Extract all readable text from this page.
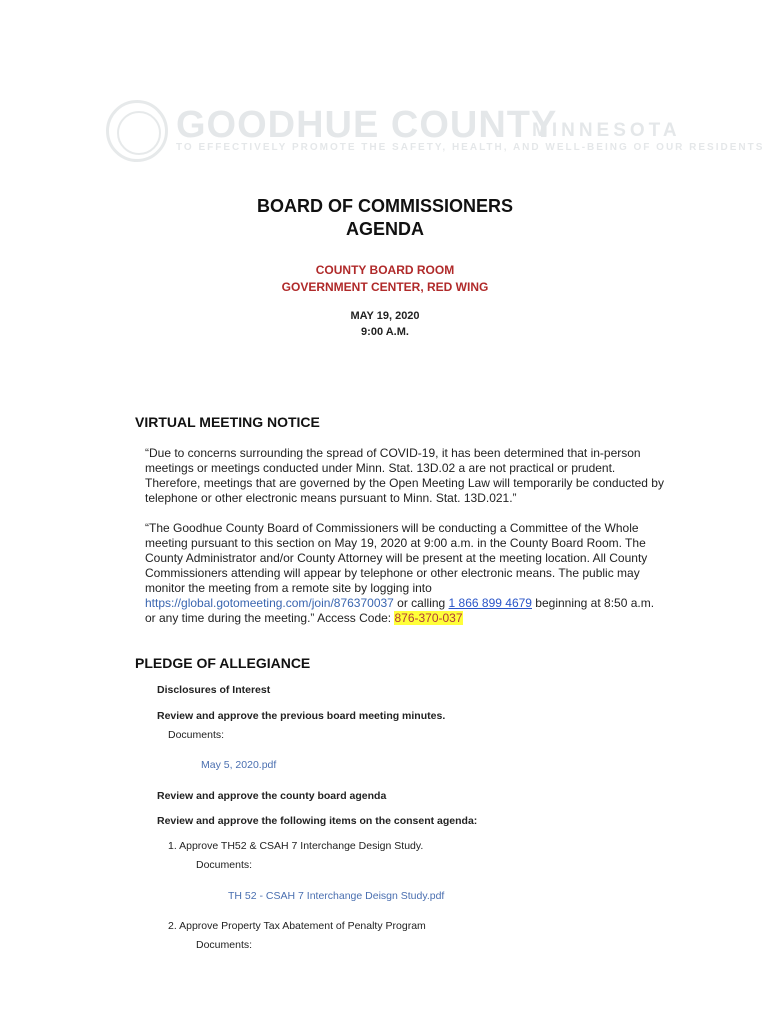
GOODHUE COUNTY
MINNESOTA
TO EFFECTIVELY PROMOTE THE SAFETY, HEALTH, AND WELL-BEING OF OUR RESIDENTS
BOARD OF COMMISSIONERS
AGENDA
COUNTY BOARD ROOM
GOVERNMENT CENTER, RED WING
MAY 19, 2020
9:00 A.M.
VIRTUAL MEETING NOTICE

“Due to concerns surrounding the spread of COVID-19, it has been determined that in-person meetings or meetings conducted under Minn. Stat. 13D.02 a are not practical or prudent. Therefore, meetings that are governed by the Open Meeting Law will temporarily be conducted by telephone or other electronic means pursuant to Minn. Stat. 13D.021.”

“The Goodhue County Board of Commissioners will be conducting a Committee of the Whole meeting pursuant to this section on May 19, 2020 at 9:00 a.m. in the County Board Room. The County Administrator and/or County Attorney will be present at the meeting location. All County Commissioners attending will appear by telephone or other electronic means. The public may monitor the meeting from a remote site by logging into https://global.gotomeeting.com/join/876370037 or calling 1 866 899 4679 beginning at 8:50 a.m. or any time during the meeting.” Access Code: 876-370-037

PLEDGE OF ALLEGIANCE
Disclosures of Interest
Review and approve the previous board meeting minutes.
Documents:
May 5, 2020.pdf
Review and approve the county board agenda
Review and approve the following items on the consent agenda:
1. Approve TH52 & CSAH 7 Interchange Design Study.
Documents:
TH 52 - CSAH 7 Interchange Deisgn Study.pdf
2. Approve Property Tax Abatement of Penalty Program
Documents:
